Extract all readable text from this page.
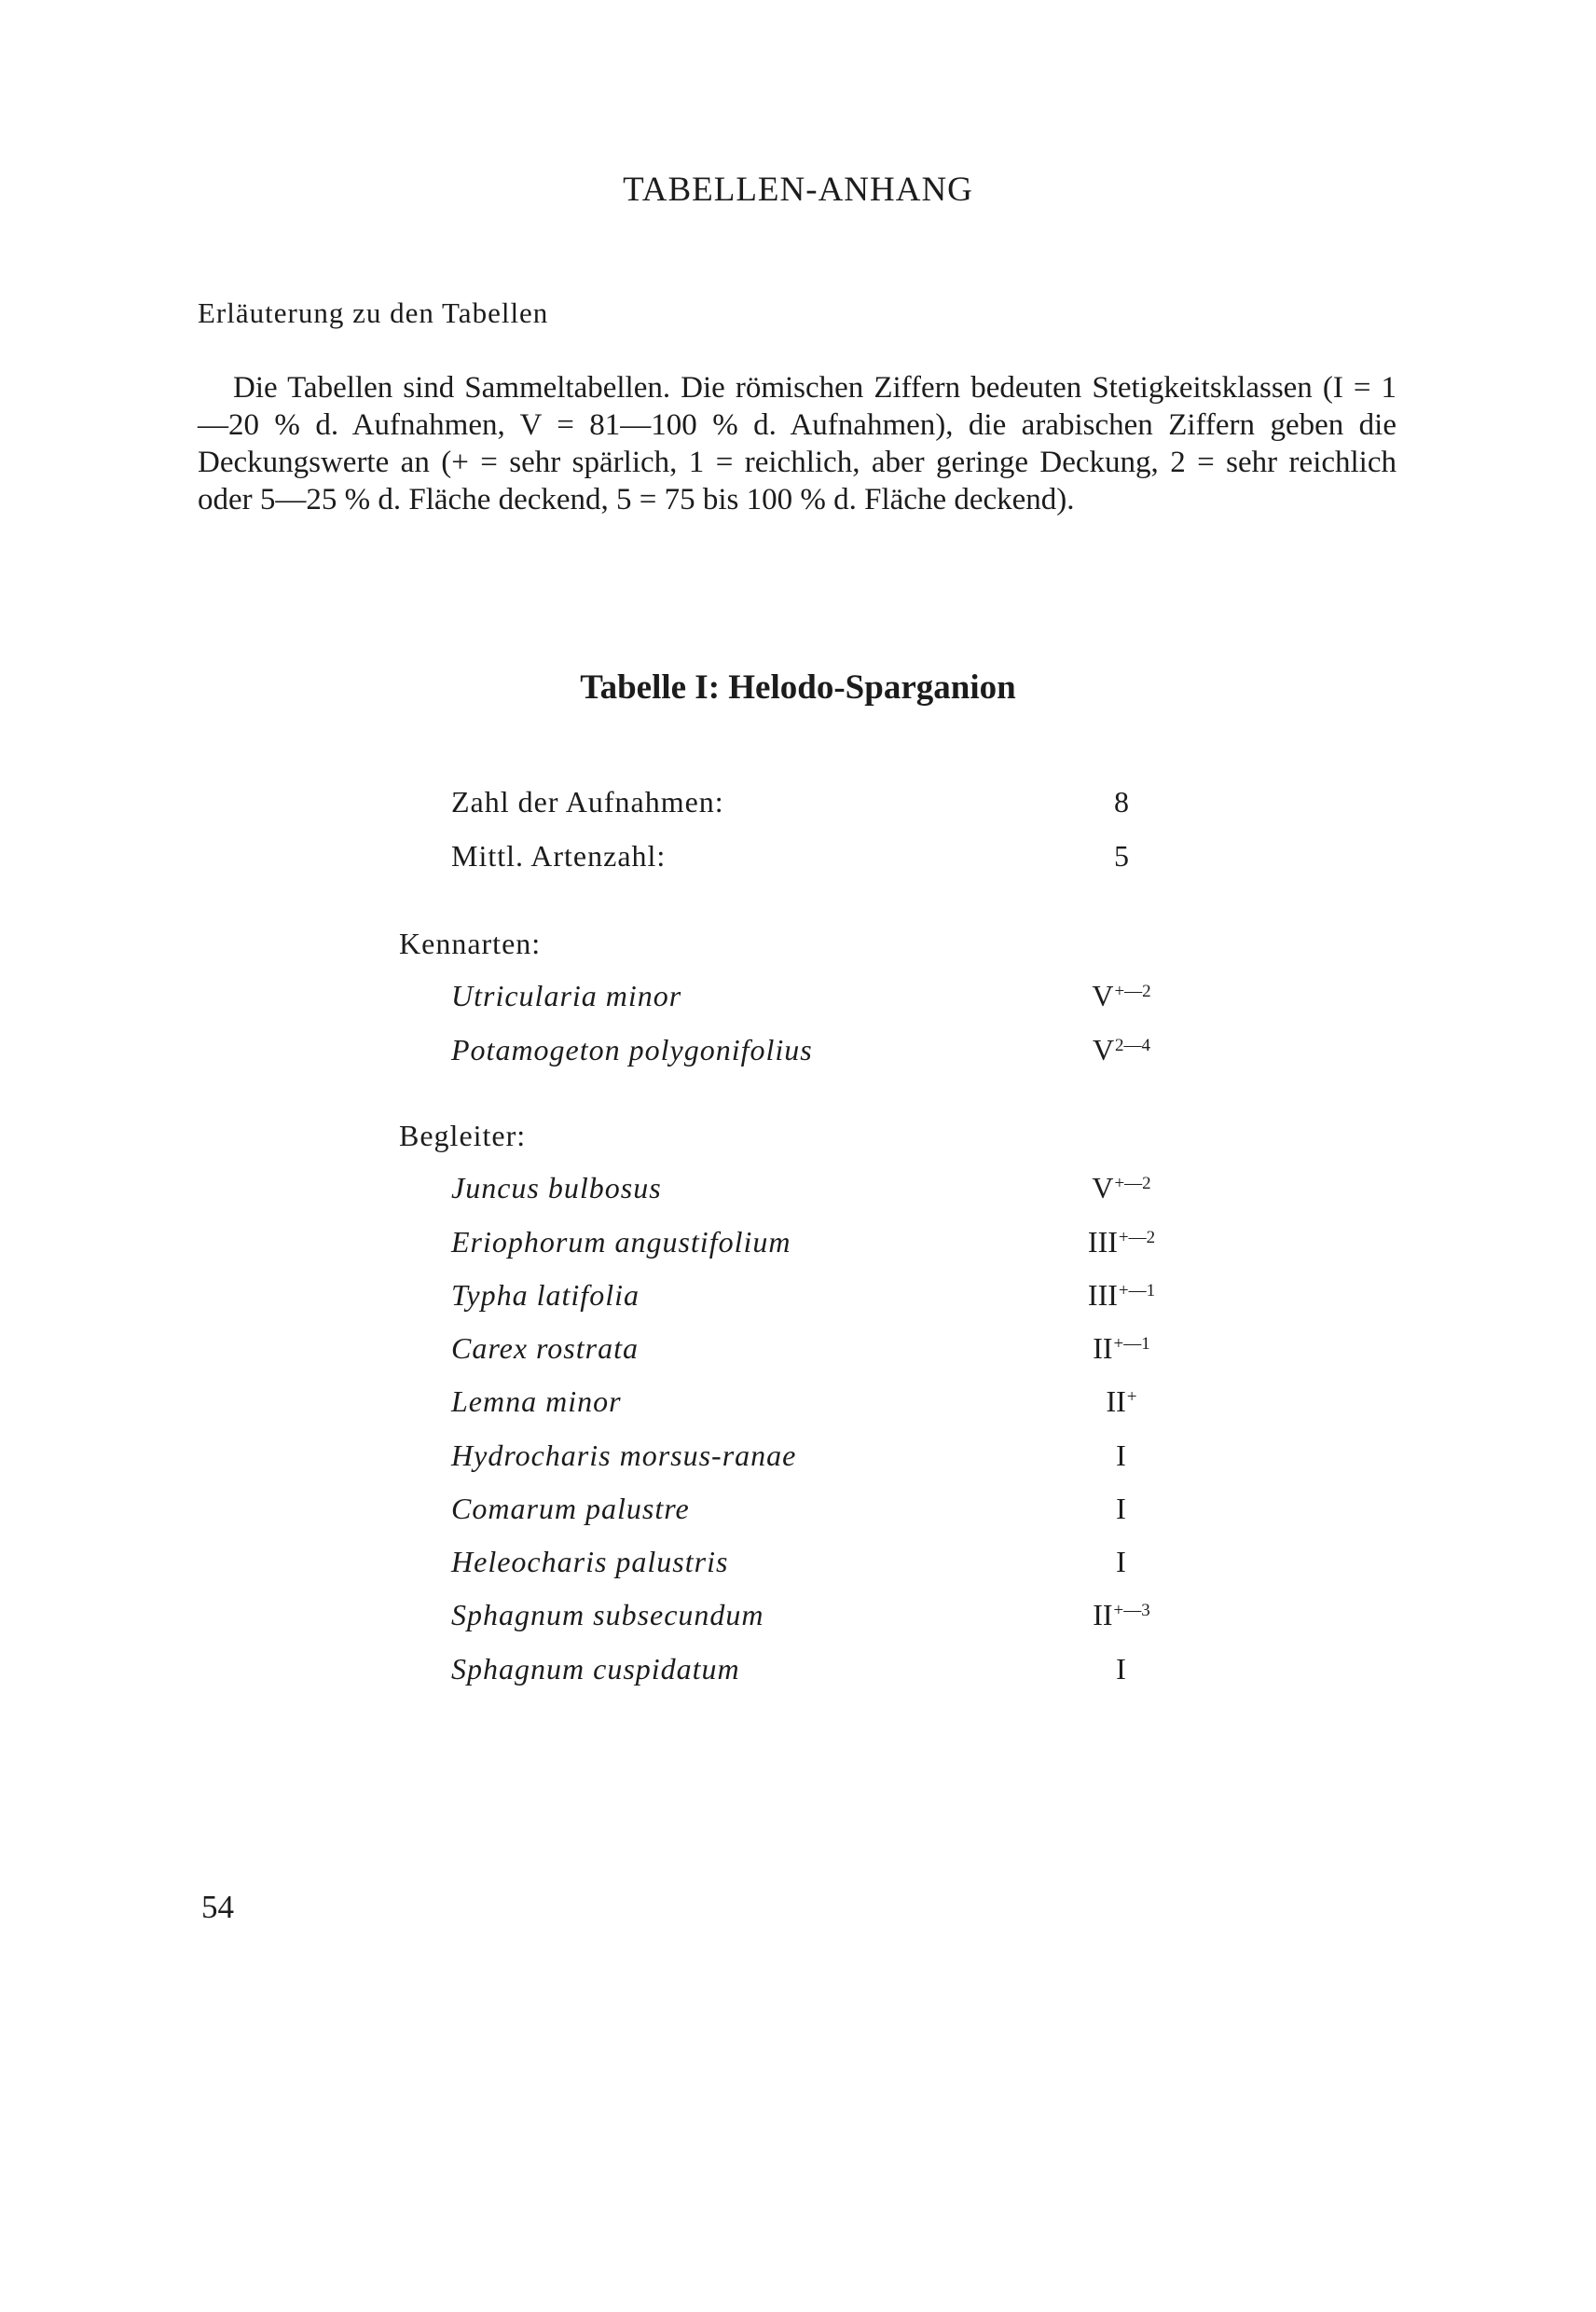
TABELLEN-ANHANG
Erläuterung zu den Tabellen

Die Tabellen sind Sammeltabellen. Die römischen Ziffern bedeuten Stetigkeitsklassen (I = 1—20 % d. Aufnahmen, V = 81—100 % d. Aufnahmen), die arabischen Ziffern geben die Deckungswerte an (+ = sehr spärlich, 1 = reichlich, aber geringe Deckung, 2 = sehr reichlich oder 5—25 % d. Fläche deckend, 5 = 75 bis 100 % d. Fläche deckend).

Tabelle I: Helodo-Sparganion
Zahl der Aufnahmen:	8
Mittl. Artenzahl:	5
Kennarten:
Utricularia minor	$V^{+—2}$
Potamogeton polygonifolius	$V^{2—4}$
Begleiter:
Juncus bulbosus	$V^{+—2}$
Eriophorum angustifolium	$III^{+—2}$
Typha latifolia	$III^{+—1}$
Carex rostrata	$II^{+—1}$
Lemna minor	II+
Hydrocharis morsus-ranae	I
Comarum palustre	I
Heleocharis palustris	I
Sphagnum subsecundum	$II^{+—3}$
Sphagnum cuspidatum	I
54
